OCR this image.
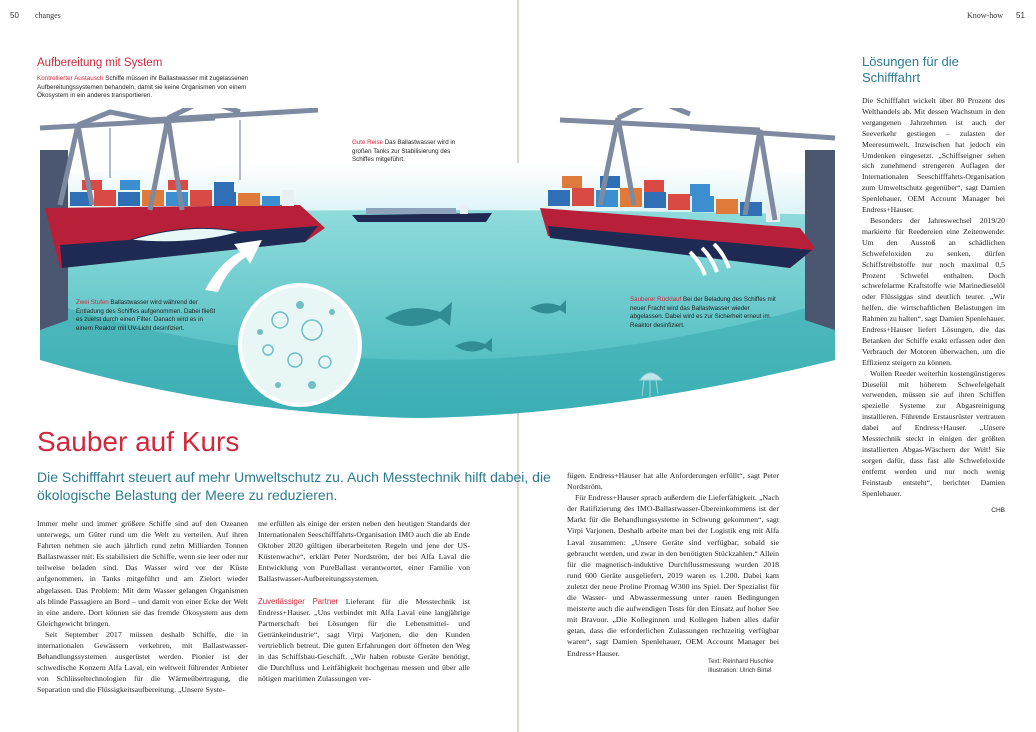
50 changes	Know-how 51
Aufbereitung mit System
Kontrollierter Austausch Schiffe müssen ihr Ballastwasser mit zugelassenen Aufbereitungssystemen behandeln, damit sie keine Organismen von einem Ökosystem in ein anderes transportieren.
Gute Reise Das Ballastwasser wird in großen Tanks zur Stabilisierung des Schiffes mitgeführt.
Zwei Stufen Ballastwasser wird während der Entladung des Schiffes aufgenommen. Dabei fließt es zuerst durch einen Filter. Danach wird es in einem Reaktor mit UV-Licht desinfiziert.
Sauberer Rücklauf Bei der Beladung des Schiffes mit neuer Fracht wird das Ballastwasser wieder abgelassen. Dabei wird es zur Sicherheit erneut im Reaktor desinfiziert.
Sauber auf Kurs
Die Schifffahrt steuert auf mehr Umweltschutz zu. Auch Messtechnik hilft dabei, die ökologische Belastung der Meere zu reduzieren.

Immer mehr und immer größere Schiffe sind auf den Ozeanen unterwegs, um Güter rund um die Welt zu verteilen. Auf ihren Fahrten nehmen sie auch jährlich rund zehn Milliarden Tonnen Ballastwasser mit: Es stabilisiert die Schiffe, wenn sie leer oder nur teilweise beladen sind. Das Wasser wird vor der Küste aufgenommen, in Tanks mitgeführt und am Zielort wieder abgelassen. Das Problem: Mit dem Wasser gelangen Organismen als blinde Passagiere an Bord – und damit von einer Ecke der Welt in eine andere. Dort können sie das fremde Ökosystem aus dem Gleichgewicht bringen.

Seit September 2017 müssen deshalb Schiffe, die in internationalen Gewässern verkehren, mit Ballastwasser-Behandlungssystemen ausgerüstet werden. Pionier ist der schwedische Konzern Alfa Laval, ein weltweit führender Anbieter von Schlüsseltechnologien für die Wärmeübertragung, die Separation und die Flüssigkeitsaufbereitung. „Unsere Syste-

me erfüllen als einige der ersten neben den heutigen Standards der Internationalen Seeschifffahrts-Organisation IMO auch die ab Ende Oktober 2020 gültigen überarbeiteten Regeln und jene der US-Küstenwache“, erklärt Peter Nordström, der bei Alfa Laval die Entwicklung von PureBallast verantwortet, einer Familie von Ballastwasser-Aufbereitungssystemen.

Zuverlässiger Partner Lieferant für die Messtechnik ist Endress+Hauser. „Uns verbindet mit Alfa Laval eine langjährige Partnerschaft bei Lösungen für die Lebensmittel- und Getränkeindustrie“, sagt Virpi Varjonen, die den Kunden vertrieblich betreut. Die guten Erfahrungen dort öffneten den Weg in das Schiffsbau-Geschäft. „Wir haben robuste Geräte benötigt, die Durchfluss und Leitfähigkeit hochgenau messen und über alle nötigen maritimen Zulassungen ver-

fügen. Endress+Hauser hat alle Anforderungen erfüllt“, sagt Peter Nordström.

Für Endress+Hauser sprach außerdem die Lieferfähigkeit. „Nach der Ratifizierung des IMO-Ballastwasser-Übereinkommens ist der Markt für die Behandlungssysteme in Schwung gekommen“, sagt Virpi Varjonen. Deshalb arbeite man bei der Logistik eng mit Alfa Laval zusammen: „Unsere Geräte sind verfügbar, sobald sie gebraucht werden, und zwar in den benötigten Stückzahlen.“ Allein für die magnetisch-induktive Durchflussmessung wurden 2018 rund 600 Geräte ausgeliefert, 2019 waren es 1.200. Dabei kam zuletzt der neue Proline Promag W300 ins Spiel. Der Spezialist für die Wasser- und Abwassermessung unter rauen Bedingungen meisterte auch die aufwendigen Tests für den Einsatz auf hoher See mit Bravour. „Die Kolleginnen und Kollegen haben alles dafür getan, dass die erforderlichen Zulassungen rechtzeitig verfügbar waren“, sagt Damien Spenlehauer, OEM Account Manager bei Endress+Hauser.

Text: Reinhard Huschke
Illustration: Ulrich Birtel
Lösungen für die Schifffahrt

Die Schifffahrt wickelt über 80 Prozent des Welthandels ab. Mit dessen Wachstum in den vergangenen Jahrzehnten ist auch der Seeverkehr gestiegen – zulasten der Meeresumwelt. Inzwischen hat jedoch ein Umdenken eingesetzt. „Schiffseigner sehen sich zunehmend strengeren Auflagen der Internationalen Seeschifffahrts-Organisation zum Umweltschutz gegenüber“, sagt Damien Spenlehauer, OEM Account Manager bei Endress+Hauser.

Besonders der Jahreswechsel 2019/20 markierte für Reedereien eine Zeitenwende: Um den Ausstoß an schädlichen Schwefeloxiden zu senken, dürfen Schiffstreibstoffe nur noch maximal 0,5 Prozent Schwefel enthalten. Doch schwefelarme Kraftstoffe wie Marinedieselöl oder Flüssiggas sind deutlich teurer. „Wir helfen, die wirtschaftlichen Belastungen im Rahmen zu halten“, sagt Damien Spenlehauer. Endress+Hauser liefert Lösungen, die das Betanken der Schiffe exakt erfassen oder den Verbrauch der Motoren überwachen, um die Effizienz steigern zu können.

Wollen Reeder weiterhin kostengünstigeres Dieselöl mit höherem Schwefelgehalt verwenden, müssen sie auf ihren Schiffen spezielle Systeme zur Abgasreinigung installieren. Führende Erstausrüster vertrauen dabei auf Endress+Hauser. „Unsere Messtechnik steckt in einigen der größten installierten Abgas-Wäschern der Welt! Sie sorgen dafür, dass fast alle Schwefeloxide entfernt werden und nur noch wenig Feinstaub entsteht“, berichtet Damien Spenlehauer.

CHB
